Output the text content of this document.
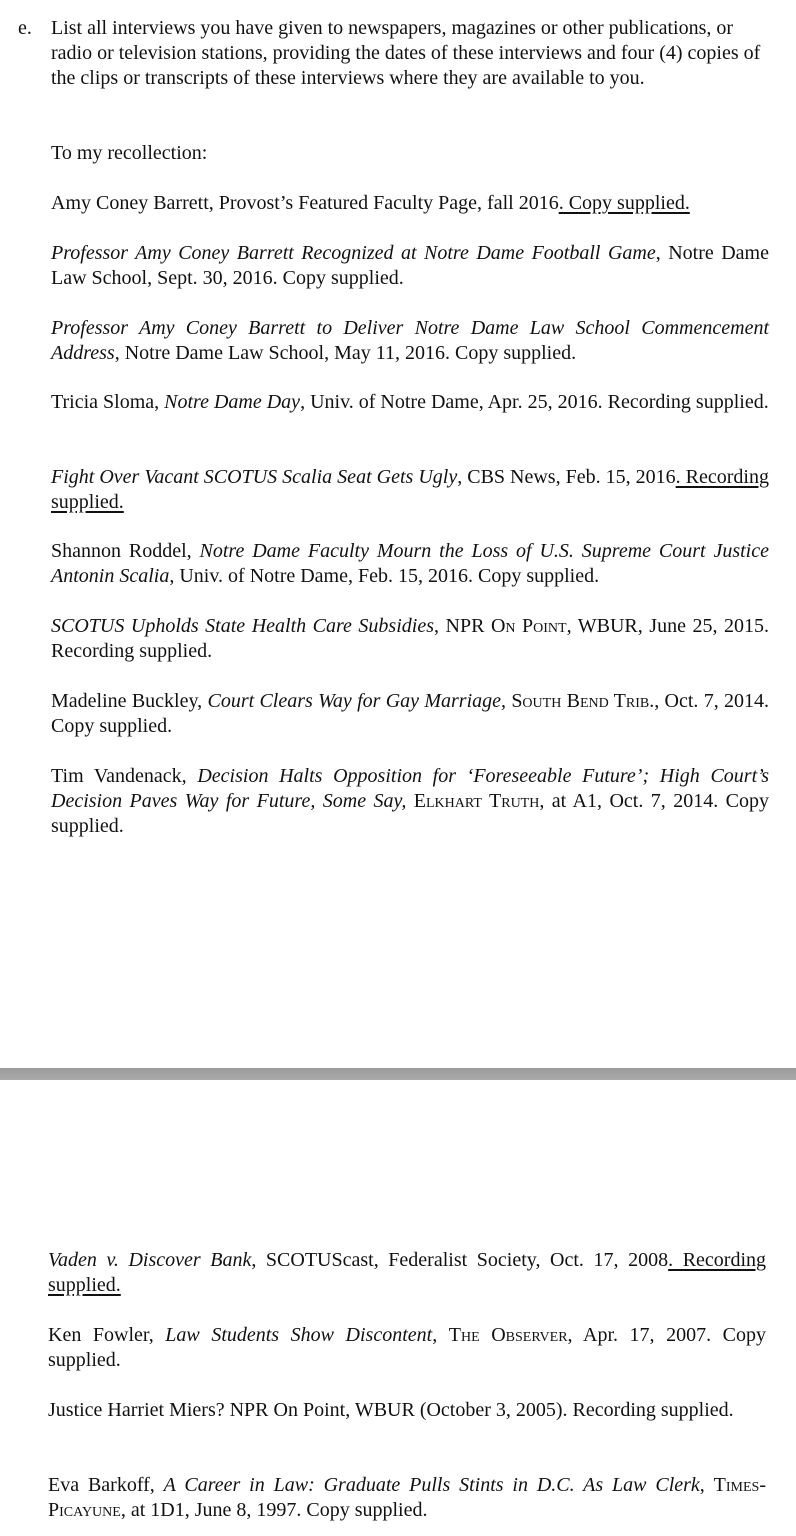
e. List all interviews you have given to newspapers, magazines or other publications, or radio or television stations, providing the dates of these interviews and four (4) copies of the clips or transcripts of these interviews where they are available to you.
To my recollection:
Amy Coney Barrett, Provost’s Featured Faculty Page, fall 2016. Copy supplied.
Professor Amy Coney Barrett Recognized at Notre Dame Football Game, Notre Dame Law School, Sept. 30, 2016. Copy supplied.
Professor Amy Coney Barrett to Deliver Notre Dame Law School Commencement Address, Notre Dame Law School, May 11, 2016. Copy supplied.
Tricia Sloma, Notre Dame Day, Univ. of Notre Dame, Apr. 25, 2016. Recording supplied.
Fight Over Vacant SCOTUS Scalia Seat Gets Ugly, CBS News, Feb. 15, 2016. Recording supplied.
Shannon Roddel, Notre Dame Faculty Mourn the Loss of U.S. Supreme Court Justice Antonin Scalia, Univ. of Notre Dame, Feb. 15, 2016. Copy supplied.
SCOTUS Upholds State Health Care Subsidies, NPR On Point, WBUR, June 25, 2015. Recording supplied.
Madeline Buckley, Court Clears Way for Gay Marriage, South Bend Trib., Oct. 7, 2014. Copy supplied.
Tim Vandenack, Decision Halts Opposition for ‘Foreseeable Future’; High Court’s Decision Paves Way for Future, Some Say, Elkhart Truth, at A1, Oct. 7, 2014. Copy supplied.
Vaden v. Discover Bank, SCOTUScast, Federalist Society, Oct. 17, 2008. Recording supplied.
Ken Fowler, Law Students Show Discontent, The Observer, Apr. 17, 2007. Copy supplied.
Justice Harriet Miers? NPR On Point, WBUR (October 3, 2005). Recording supplied.
Eva Barkoff, A Career in Law: Graduate Pulls Stints in D.C. As Law Clerk, Times-Picayune, at 1D1, June 8, 1997. Copy supplied.
